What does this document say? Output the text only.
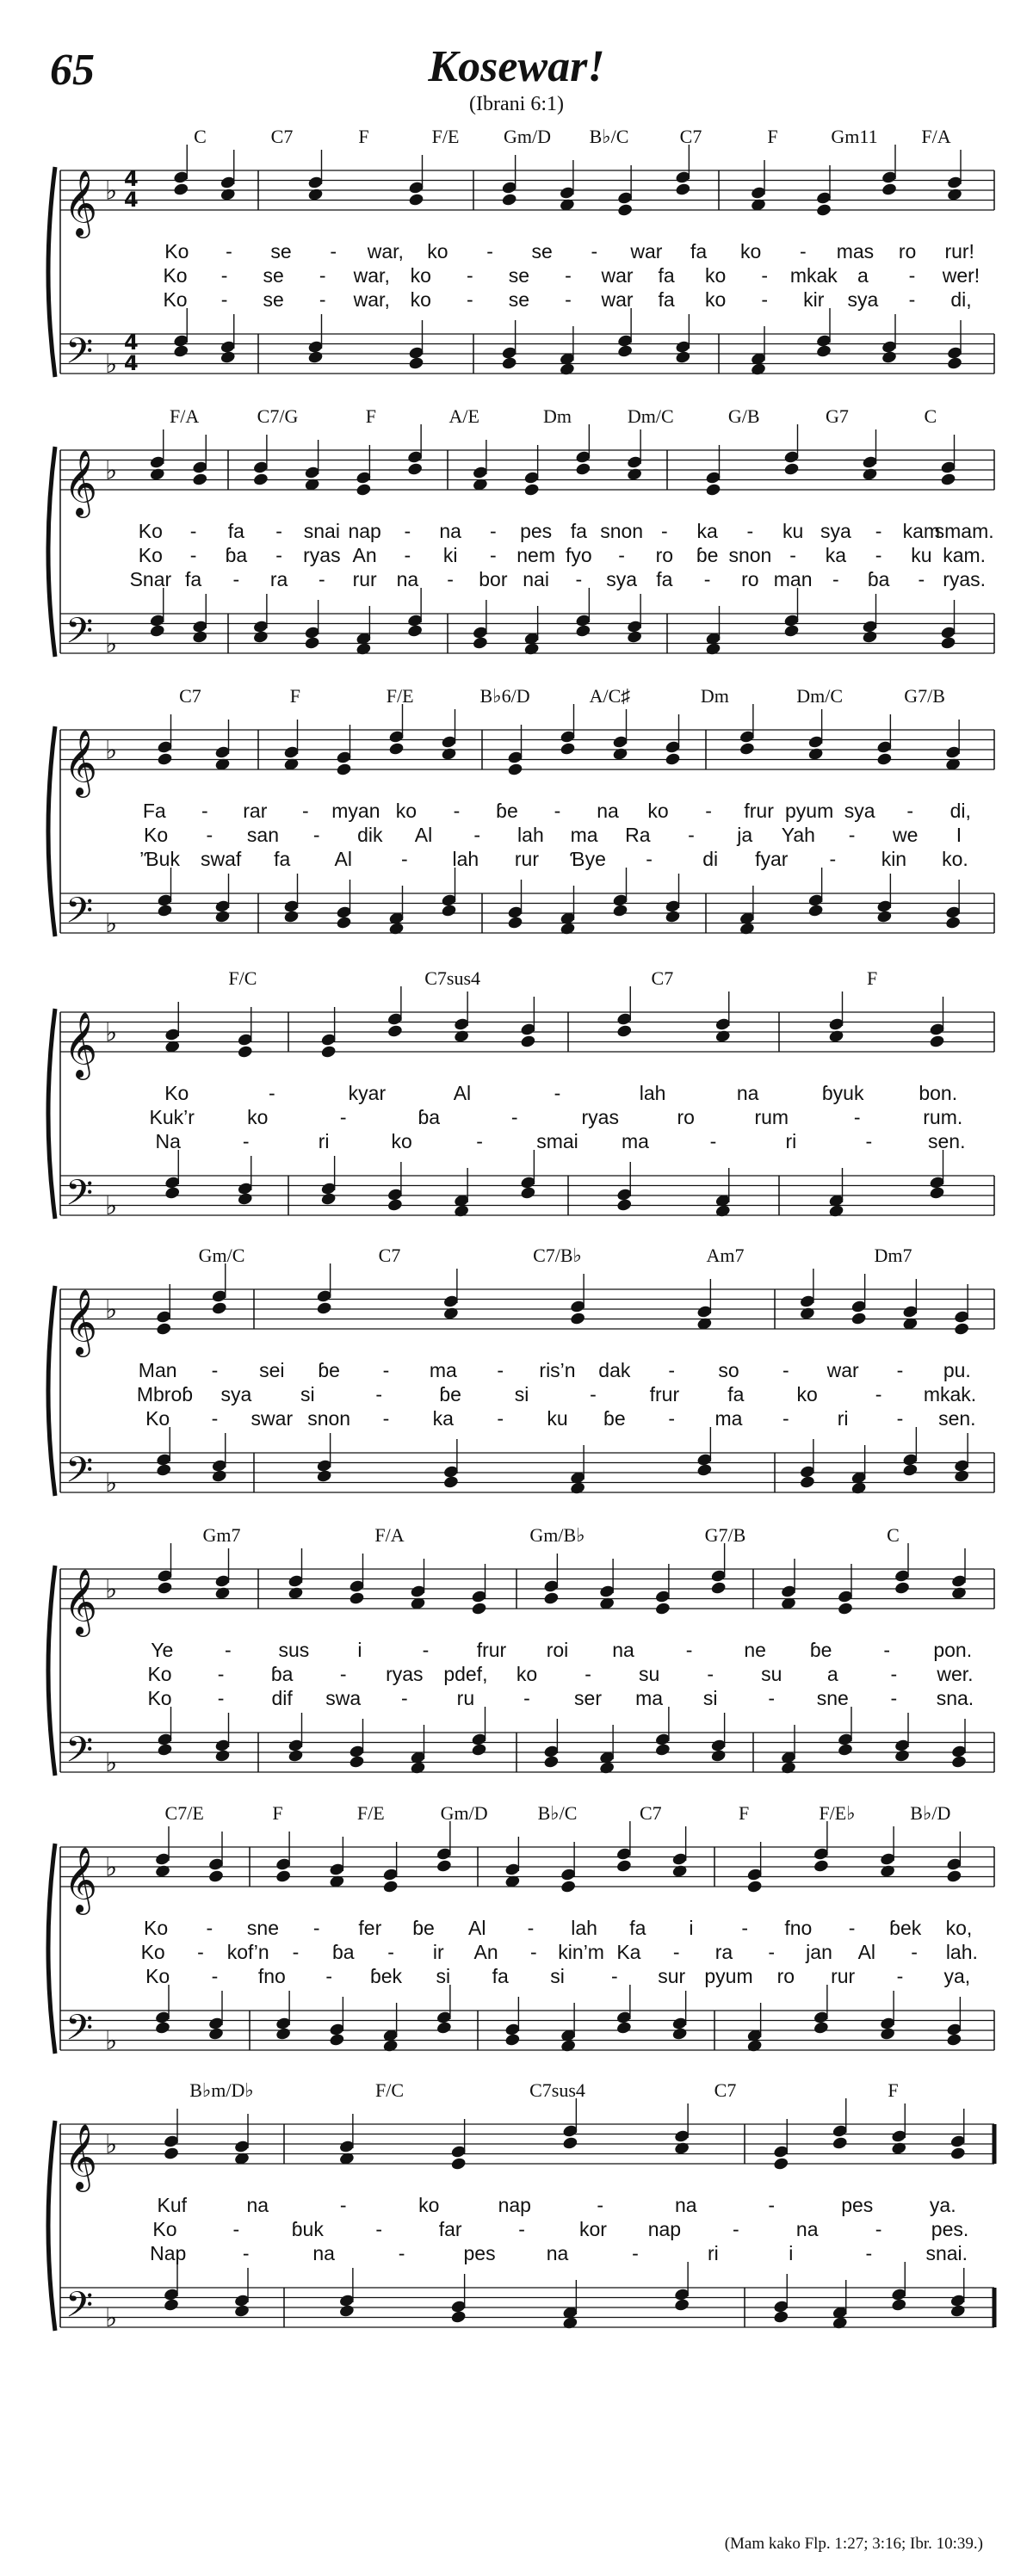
65	Kosewar!
(Ibrani 6:1)
𝄞
𝄢
♭
♭
4
4
4
4
C	C7	F	F/E Gm/D B♭/C	C7	F	Gm11 F/A
Ko - se - war, ko - se - war fa ko - mas ro rur!
Ko - se - war, ko - se - war fa ko - mkak a - wer!
Ko - se - war, ko - se - war fa ko - kir sya - di,
𝄞
𝄢
♭
♭
F/A	C7/G	F	A/E	Dm	Dm/C	G/B	G7	C
Ko - fa - snai nap - na - pes fa snon - ka - ku sya - kam
smam.
Ko - ɓa - ryas An - ki - nem fyo - ro ɓe snon - ka - ku kam.
Snar fa - ra - rur na - bor nai - sya fa - ro man - ɓa - ryas.
𝄞
𝄢
♭
♭
C7	F	F/E	B♭6/D	A/C♯	Dm	Dm/C	G7/B
Fa - rar - myan ko - ɓe - na ko - frur pyum sya - di,
Ko - san - dik Al - lah ma Ra - ja Yah - we I
’Ɓuk swaf fa Al - lah rur Ɓye -	di fyar - kin ko.
𝄞
𝄢
♭
♭
F/C	C7sus4	C7	F
Ko	-	kyar	Al	-	lah	na	ɓyuk	bon.
Kuk’r	ko	-	ɓa	-	ryas	ro	rum	-	rum.
Na	-	ri	ko	-	smai ma	-	ri	-	sen.
𝄞
𝄢
♭
♭
Gm/C	C7	C7/B♭	Am7	Dm7
Man - sei ɓe - ma - ris’n dak - so - war - pu.
Mbroɓ sya si	-	ɓe	si	-	frur fa	ko	- mkak.
Ko - swar snon - ka - ku ɓe - ma - ri - sen.
𝄞
𝄢
♭
♭
Gm7	F/A	Gm/B♭	G7/B	C
Ye	- sus i	- frur roi na	-	ne ɓe	- pon.
Ko - ɓa - ryas pdef, ko - su - su a	- wer.
Ko - dif swa - ru - ser ma si	- sne - sna.
𝄞
𝄢
♭
♭
C7/E	F	F/E	Gm/D	B♭/C	C7	F	F/E♭	B♭/D
Ko - sne - fer ɓe Al - lah fa i - fno - ɓek ko,
Ko - kof’n - ɓa - ir An - kin’m Ka - ra - jan Al - lah.
Ko - fno - ɓek si fa si - sur pyum ro rur - ya,
𝄞
𝄢
♭
♭
B♭m/D♭	F/C	C7sus4	C7	F
Kuf	na	-	ko	nap	-	na	-	pes	ya.
Ko	-	ɓuk	-	far	-	kor nap	-	na	- pes.
Nap	-	na	-	pes	na	-	ri	i	-	snai.
(Mam kako Flp. 1:27; 3:16; Ibr. 10:39.)
